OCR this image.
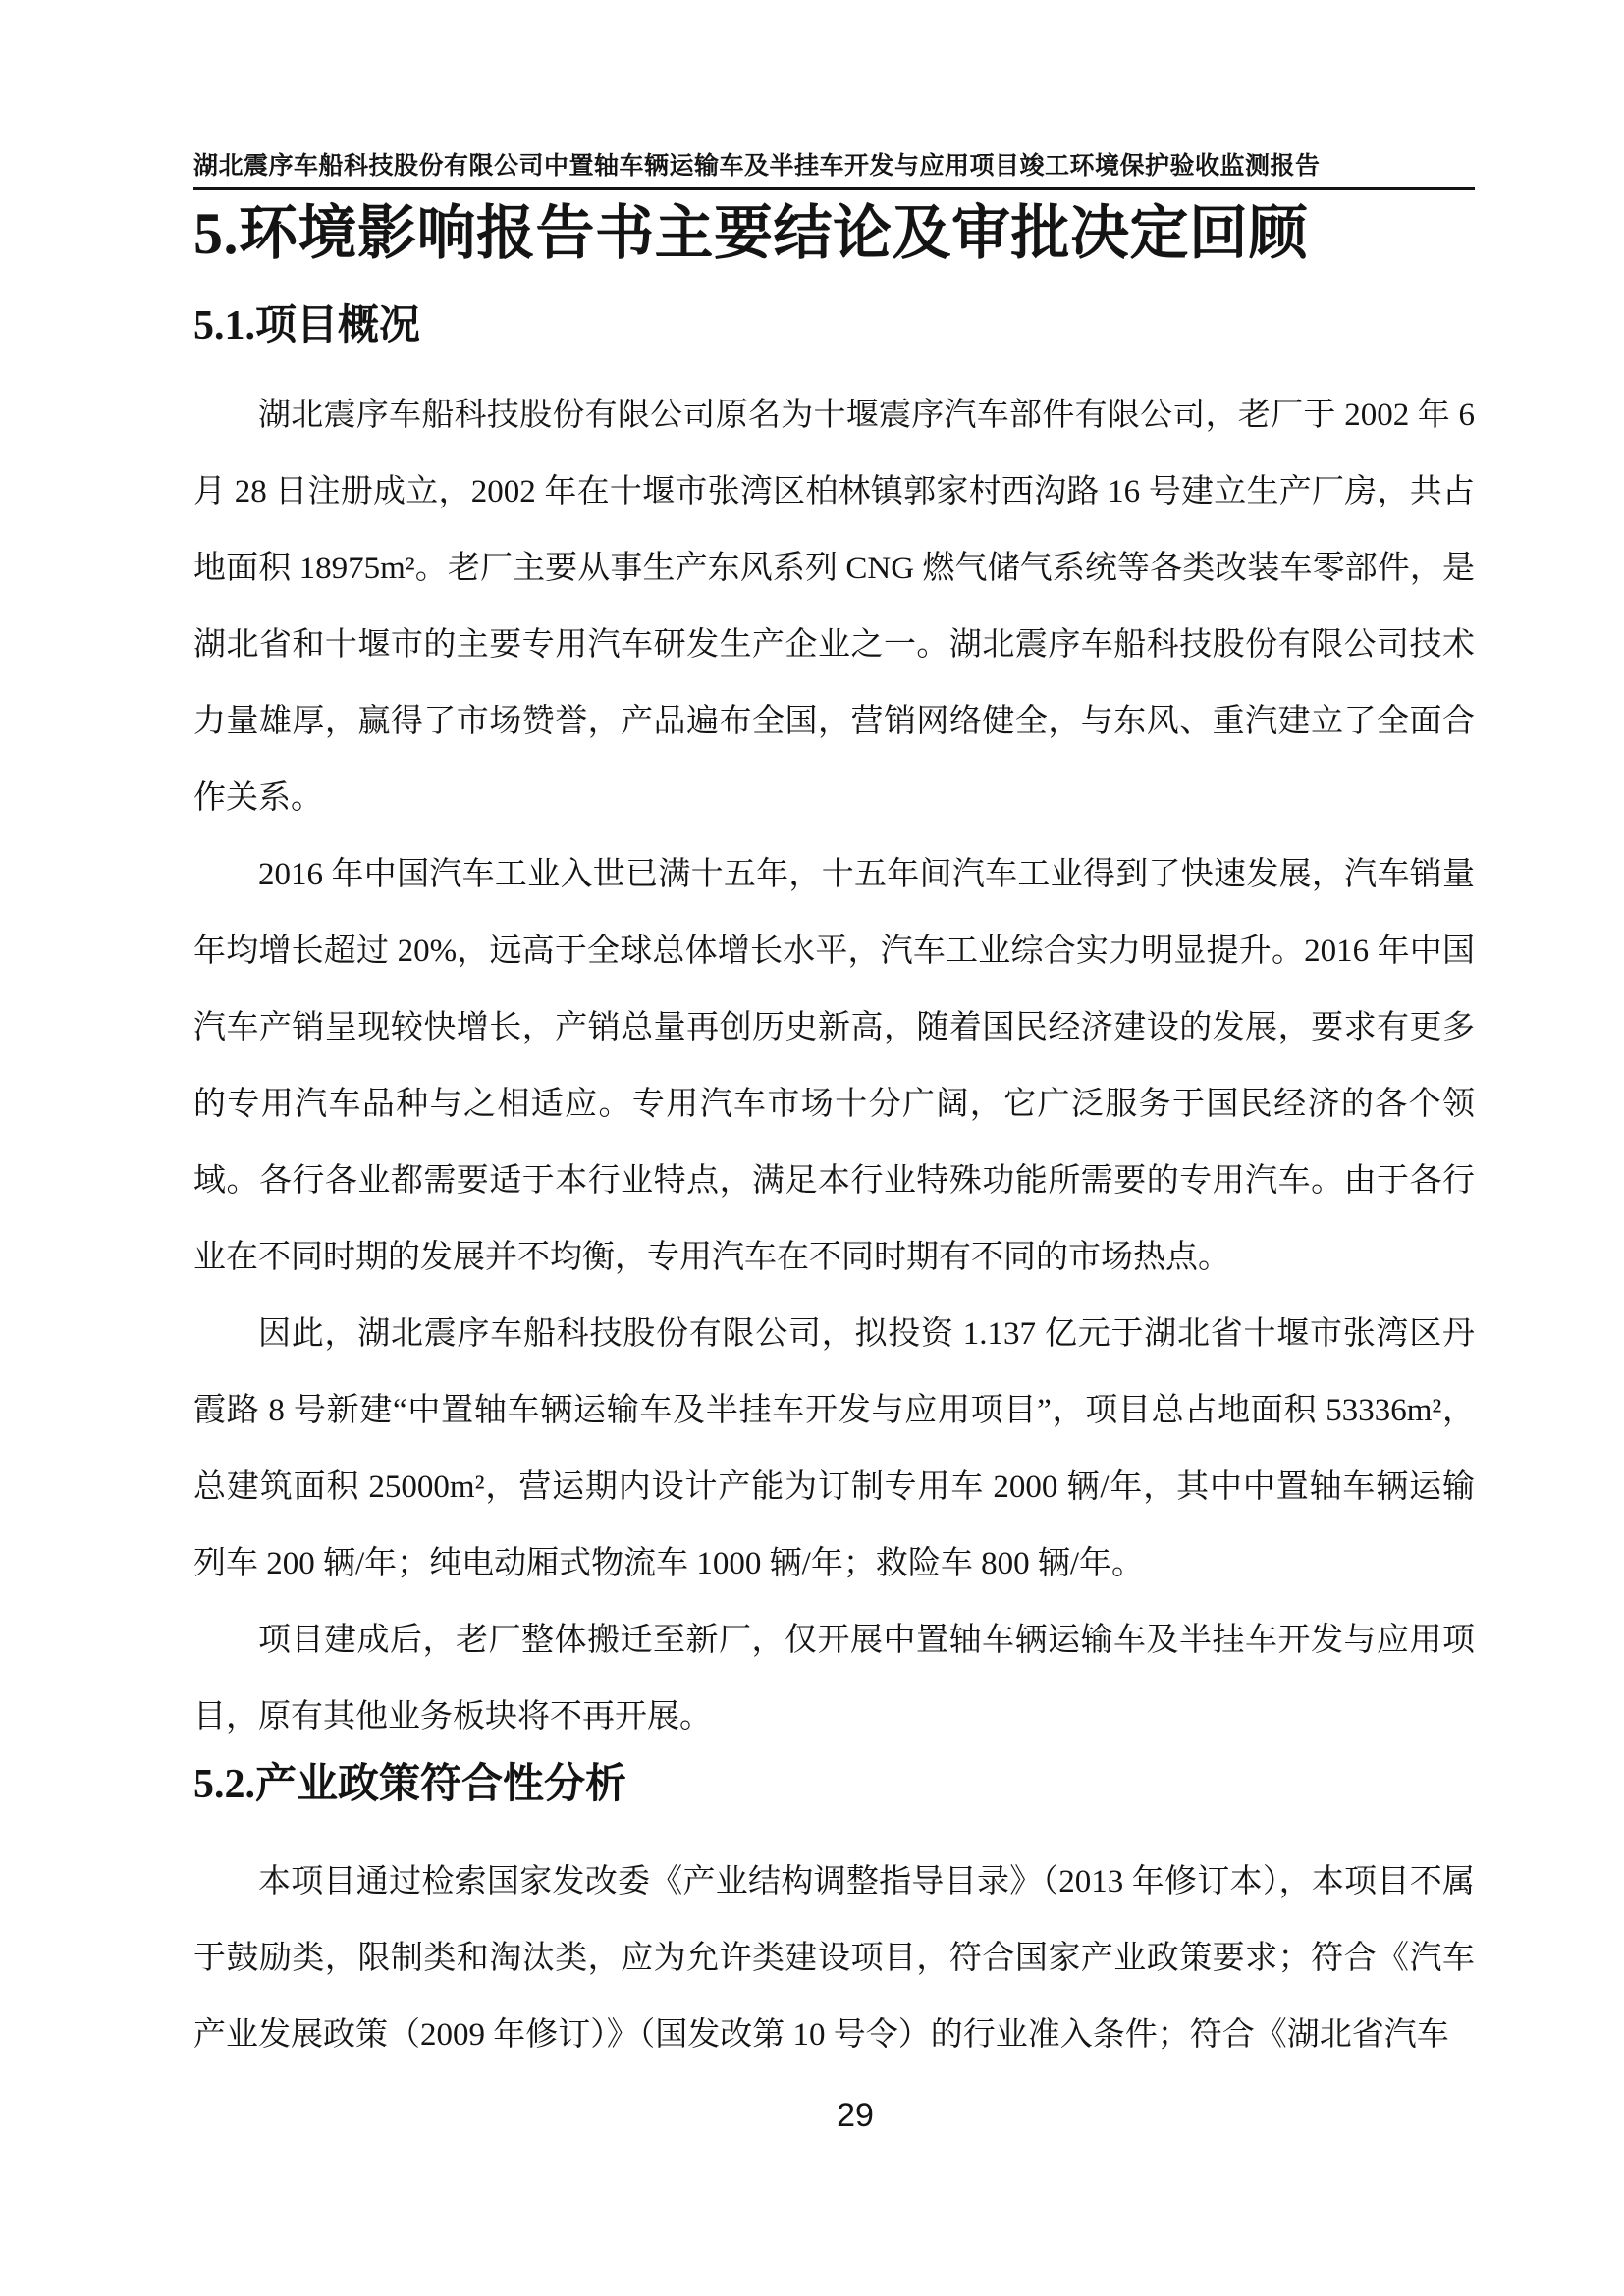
湖北震序车船科技股份有限公司中置轴车辆运输车及半挂车开发与应用项目竣工环境保护验收监测报告
5.环境影响报告书主要结论及审批决定回顾
5.1.项目概况

湖北震序车船科技股份有限公司原名为十堰震序汽车部件有限公司，老厂于 2002 年 6 月 28 日注册成立，2002 年在十堰市张湾区柏林镇郭家村西沟路 16 号建立生产厂房，共占地面积 18975m²。老厂主要从事生产东风系列 CNG 燃气储气系统等各类改装车零部件，是湖北省和十堰市的主要专用汽车研发生产企业之一。湖北震序车船科技股份有限公司技术力量雄厚，赢得了市场赞誉，产品遍布全国，营销网络健全，与东风、重汽建立了全面合作关系。

2016 年中国汽车工业入世已满十五年，十五年间汽车工业得到了快速发展，汽车销量年均增长超过 20%，远高于全球总体增长水平，汽车工业综合实力明显提升。2016 年中国汽车产销呈现较快增长，产销总量再创历史新高，随着国民经济建设的发展，要求有更多的专用汽车品种与之相适应。专用汽车市场十分广阔，它广泛服务于国民经济的各个领域。各行各业都需要适于本行业特点，满足本行业特殊功能所需要的专用汽车。由于各行业在不同时期的发展并不均衡，专用汽车在不同时期有不同的市场热点。

因此，湖北震序车船科技股份有限公司，拟投资 1.137 亿元于湖北省十堰市张湾区丹霞路 8 号新建“中置轴车辆运输车及半挂车开发与应用项目”，项目总占地面积 53336m²，总建筑面积 25000m²，营运期内设计产能为订制专用车 2000 辆/年，其中中置轴车辆运输列车 200 辆/年；纯电动厢式物流车 1000 辆/年；救险车 800 辆/年。

项目建成后，老厂整体搬迁至新厂，仅开展中置轴车辆运输车及半挂车开发与应用项目，原有其他业务板块将不再开展。

5.2.产业政策符合性分析

本项目通过检索国家发改委《产业结构调整指导目录》（2013 年修订本），本项目不属于鼓励类，限制类和淘汰类，应为允许类建设项目，符合国家产业政策要求；符合《汽车产业发展政策（2009 年修订）》（国发改第 10 号令）的行业准入条件；符合《湖北省汽车

29
